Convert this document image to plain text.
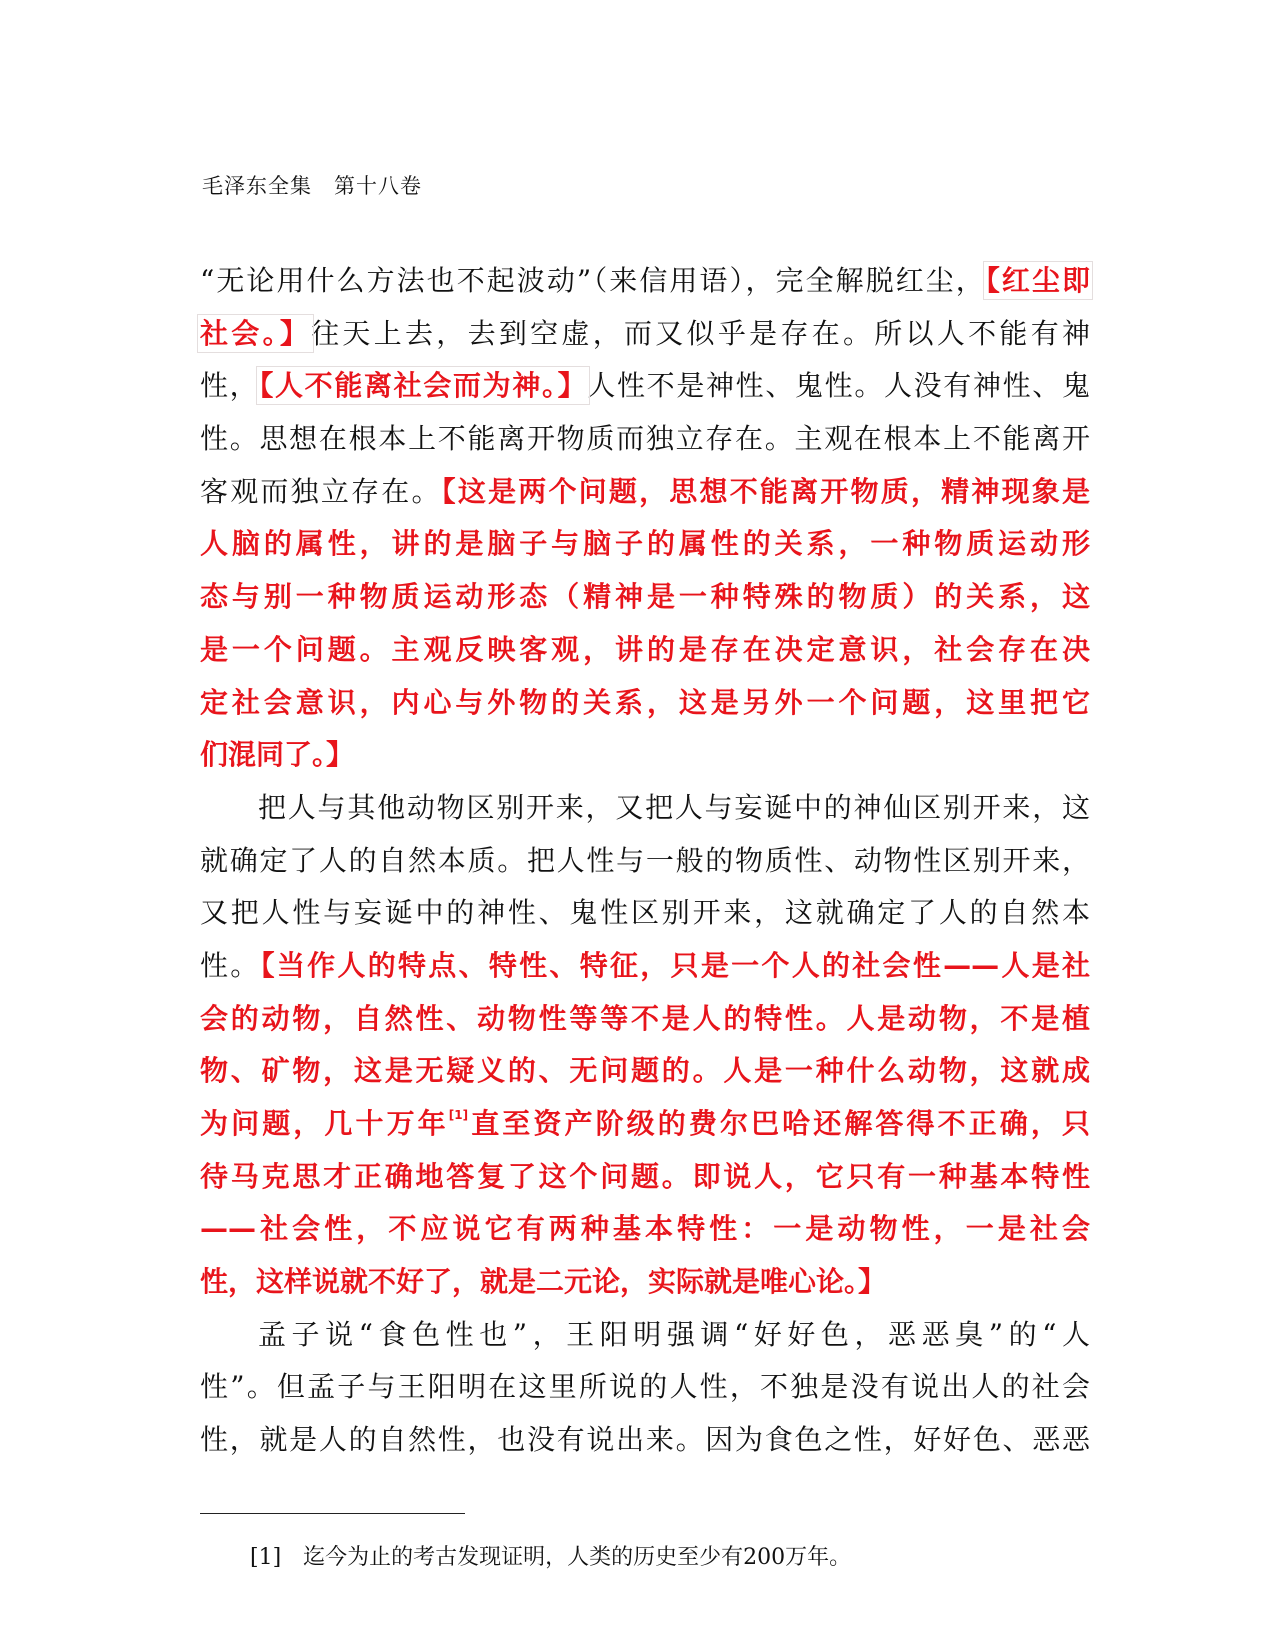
毛泽东全集　第十八卷
“无论用什么方法也不起波动”（来信用语），完全解脱红尘，【红尘即
社会。】往天上去，去到空虚，而又似乎是存在。所以人不能有神
性，【人不能离社会而为神。】人性不是神性、鬼性。人没有神性、鬼
性。思想在根本上不能离开物质而独立存在。主观在根本上不能离开
客观而独立存在。【这是两个问题，思想不能离开物质，精神现象是
人脑的属性，讲的是脑子与脑子的属性的关系，一种物质运动形
态与别一种物质运动形态（精神是一种特殊的物质）的关系，这
是一个问题。主观反映客观，讲的是存在决定意识，社会存在决
定社会意识，内心与外物的关系，这是另外一个问题，这里把它
们混同了。】
把人与其他动物区别开来，又把人与妄诞中的神仙区别开来，这
就确定了人的自然本质。把人性与一般的物质性、动物性区别开来，
又把人性与妄诞中的神性、鬼性区别开来，这就确定了人的自然本
性。【当作人的特点、特性、特征，只是一个人的社会性——人是社
会的动物，自然性、动物性等等不是人的特性。人是动物，不是植
物、矿物，这是无疑义的、无问题的。人是一种什么动物，这就成
为问题，几十万年[1]直至资产阶级的费尔巴哈还解答得不正确，只
待马克思才正确地答复了这个问题。即说人，它只有一种基本特性
——社会性，不应说它有两种基本特性：一是动物性，一是社会
性，这样说就不好了，就是二元论，实际就是唯心论。】
孟子说“食色性也”，王阳明强调“好好色，恶恶臭”的“人
性”。但孟子与王阳明在这里所说的人性，不独是没有说出人的社会
性，就是人的自然性，也没有说出来。因为食色之性，好好色、恶恶
[1] 迄今为止的考古发现证明，人类的历史至少有200万年。
